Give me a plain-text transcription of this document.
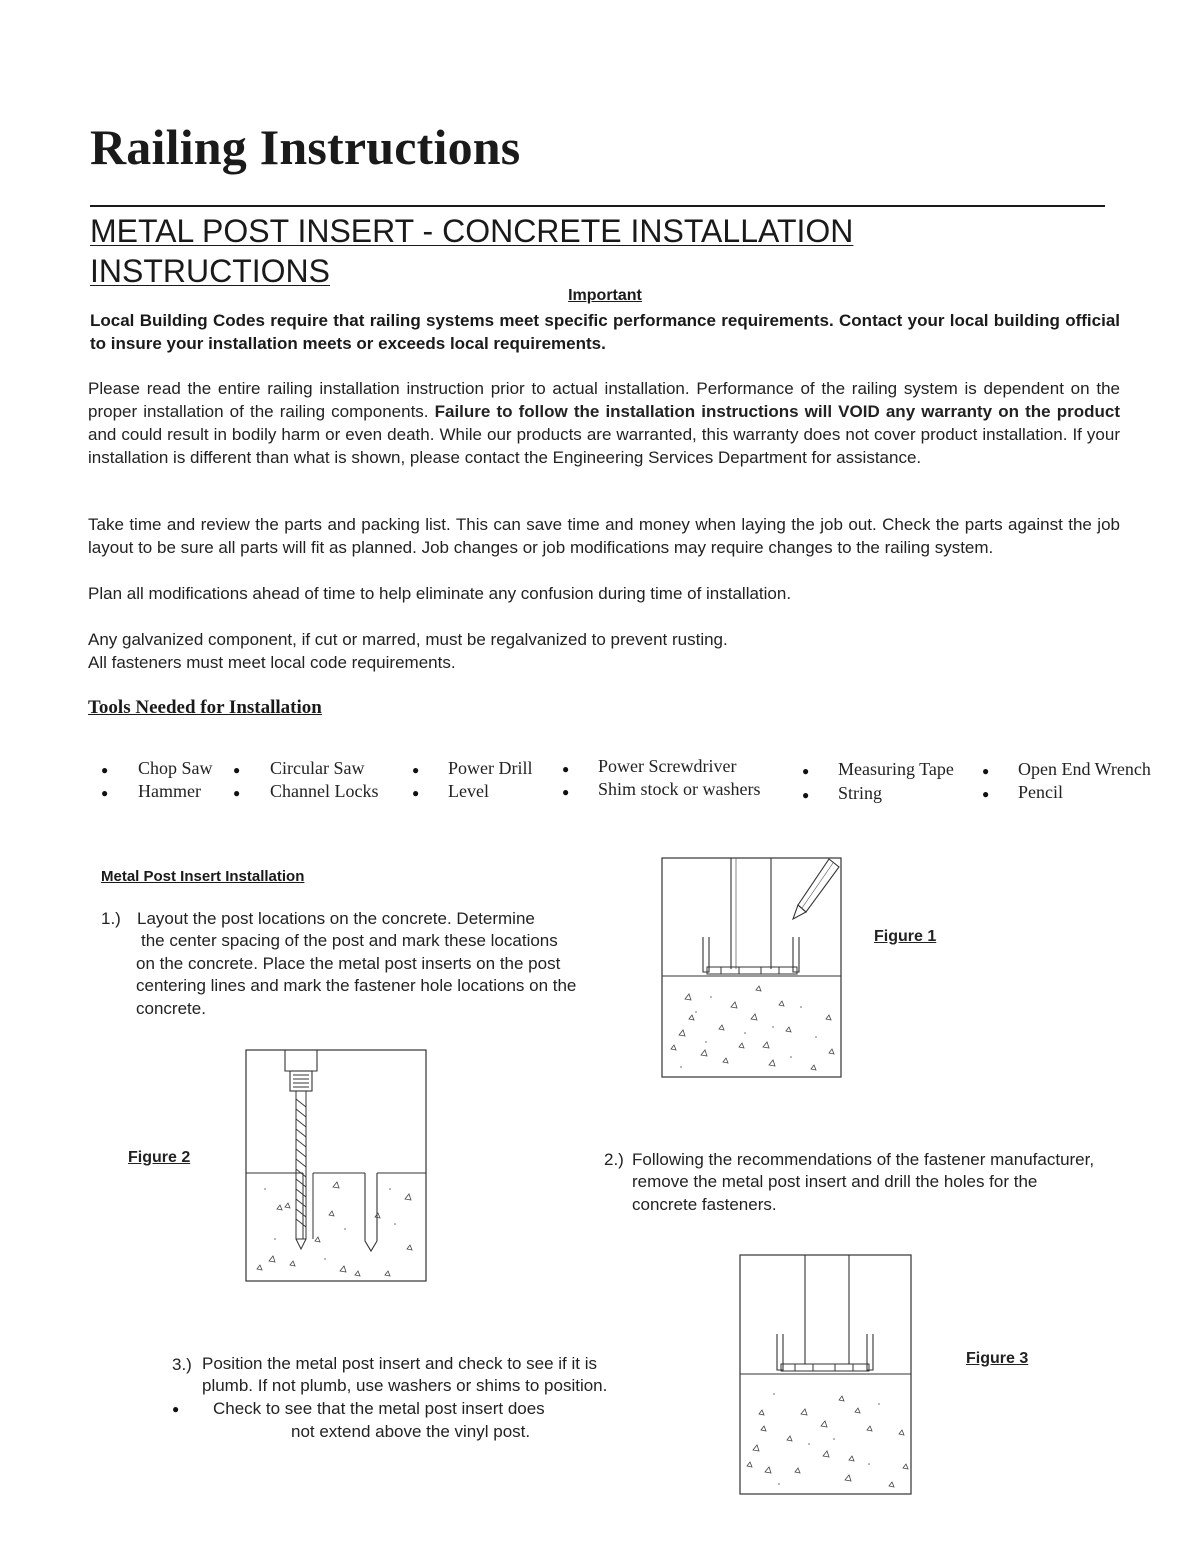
Railing Instructions
METAL POST INSERT - CONCRETE INSTALLATION INSTRUCTIONS
Important

Local Building Codes require that railing systems meet specific performance requirements. Contact your local building official to insure your installation meets or exceeds local requirements.

Please read the entire railing installation instruction prior to actual installation. Performance of the railing system is dependent on the proper installation of the railing components. Failure to follow the installation instructions will VOID any warranty on the product and could result in bodily harm or even death. While our products are warranted, this warranty does not cover product installation. If your installation is different than what is shown, please contact the Engineering Services Department for assistance.

Take time and review the parts and packing list. This can save time and money when laying the job out. Check the parts against the job layout to be sure all parts will fit as planned. Job changes or job modifications may require changes to the railing system.

Plan all modifications ahead of time to help eliminate any confusion during time of installation.

Any galvanized component, if cut or marred, must be regalvanized to prevent rusting.

All fasteners must meet local code requirements.

Tools Needed for Installation
● Chop Saw
● Hammer
● Circular Saw
● Channel Locks
● Power Drill
● Level
● Power Screwdriver
● Shim stock or washers
● Measuring Tape
● String
● Open End Wrench
● Pencil
Metal Post Insert Installation
1.) Layout the post locations on the concrete. Determine

the center spacing of the post and mark these locations

on the concrete. Place the metal post inserts on the post

centering lines and mark the fastener hole locations on the

concrete.

Figure 1
Figure 2	2.) Following the recommendations of the fastener manufacturer,

remove the metal post insert and drill the holes for the

concrete fasteners.

3.) Position the metal post insert and check to see if it is

plumb. If not plumb, use washers or shims to position.

● Check to see that the metal post insert does

not extend above the vinyl post.

Figure 3
